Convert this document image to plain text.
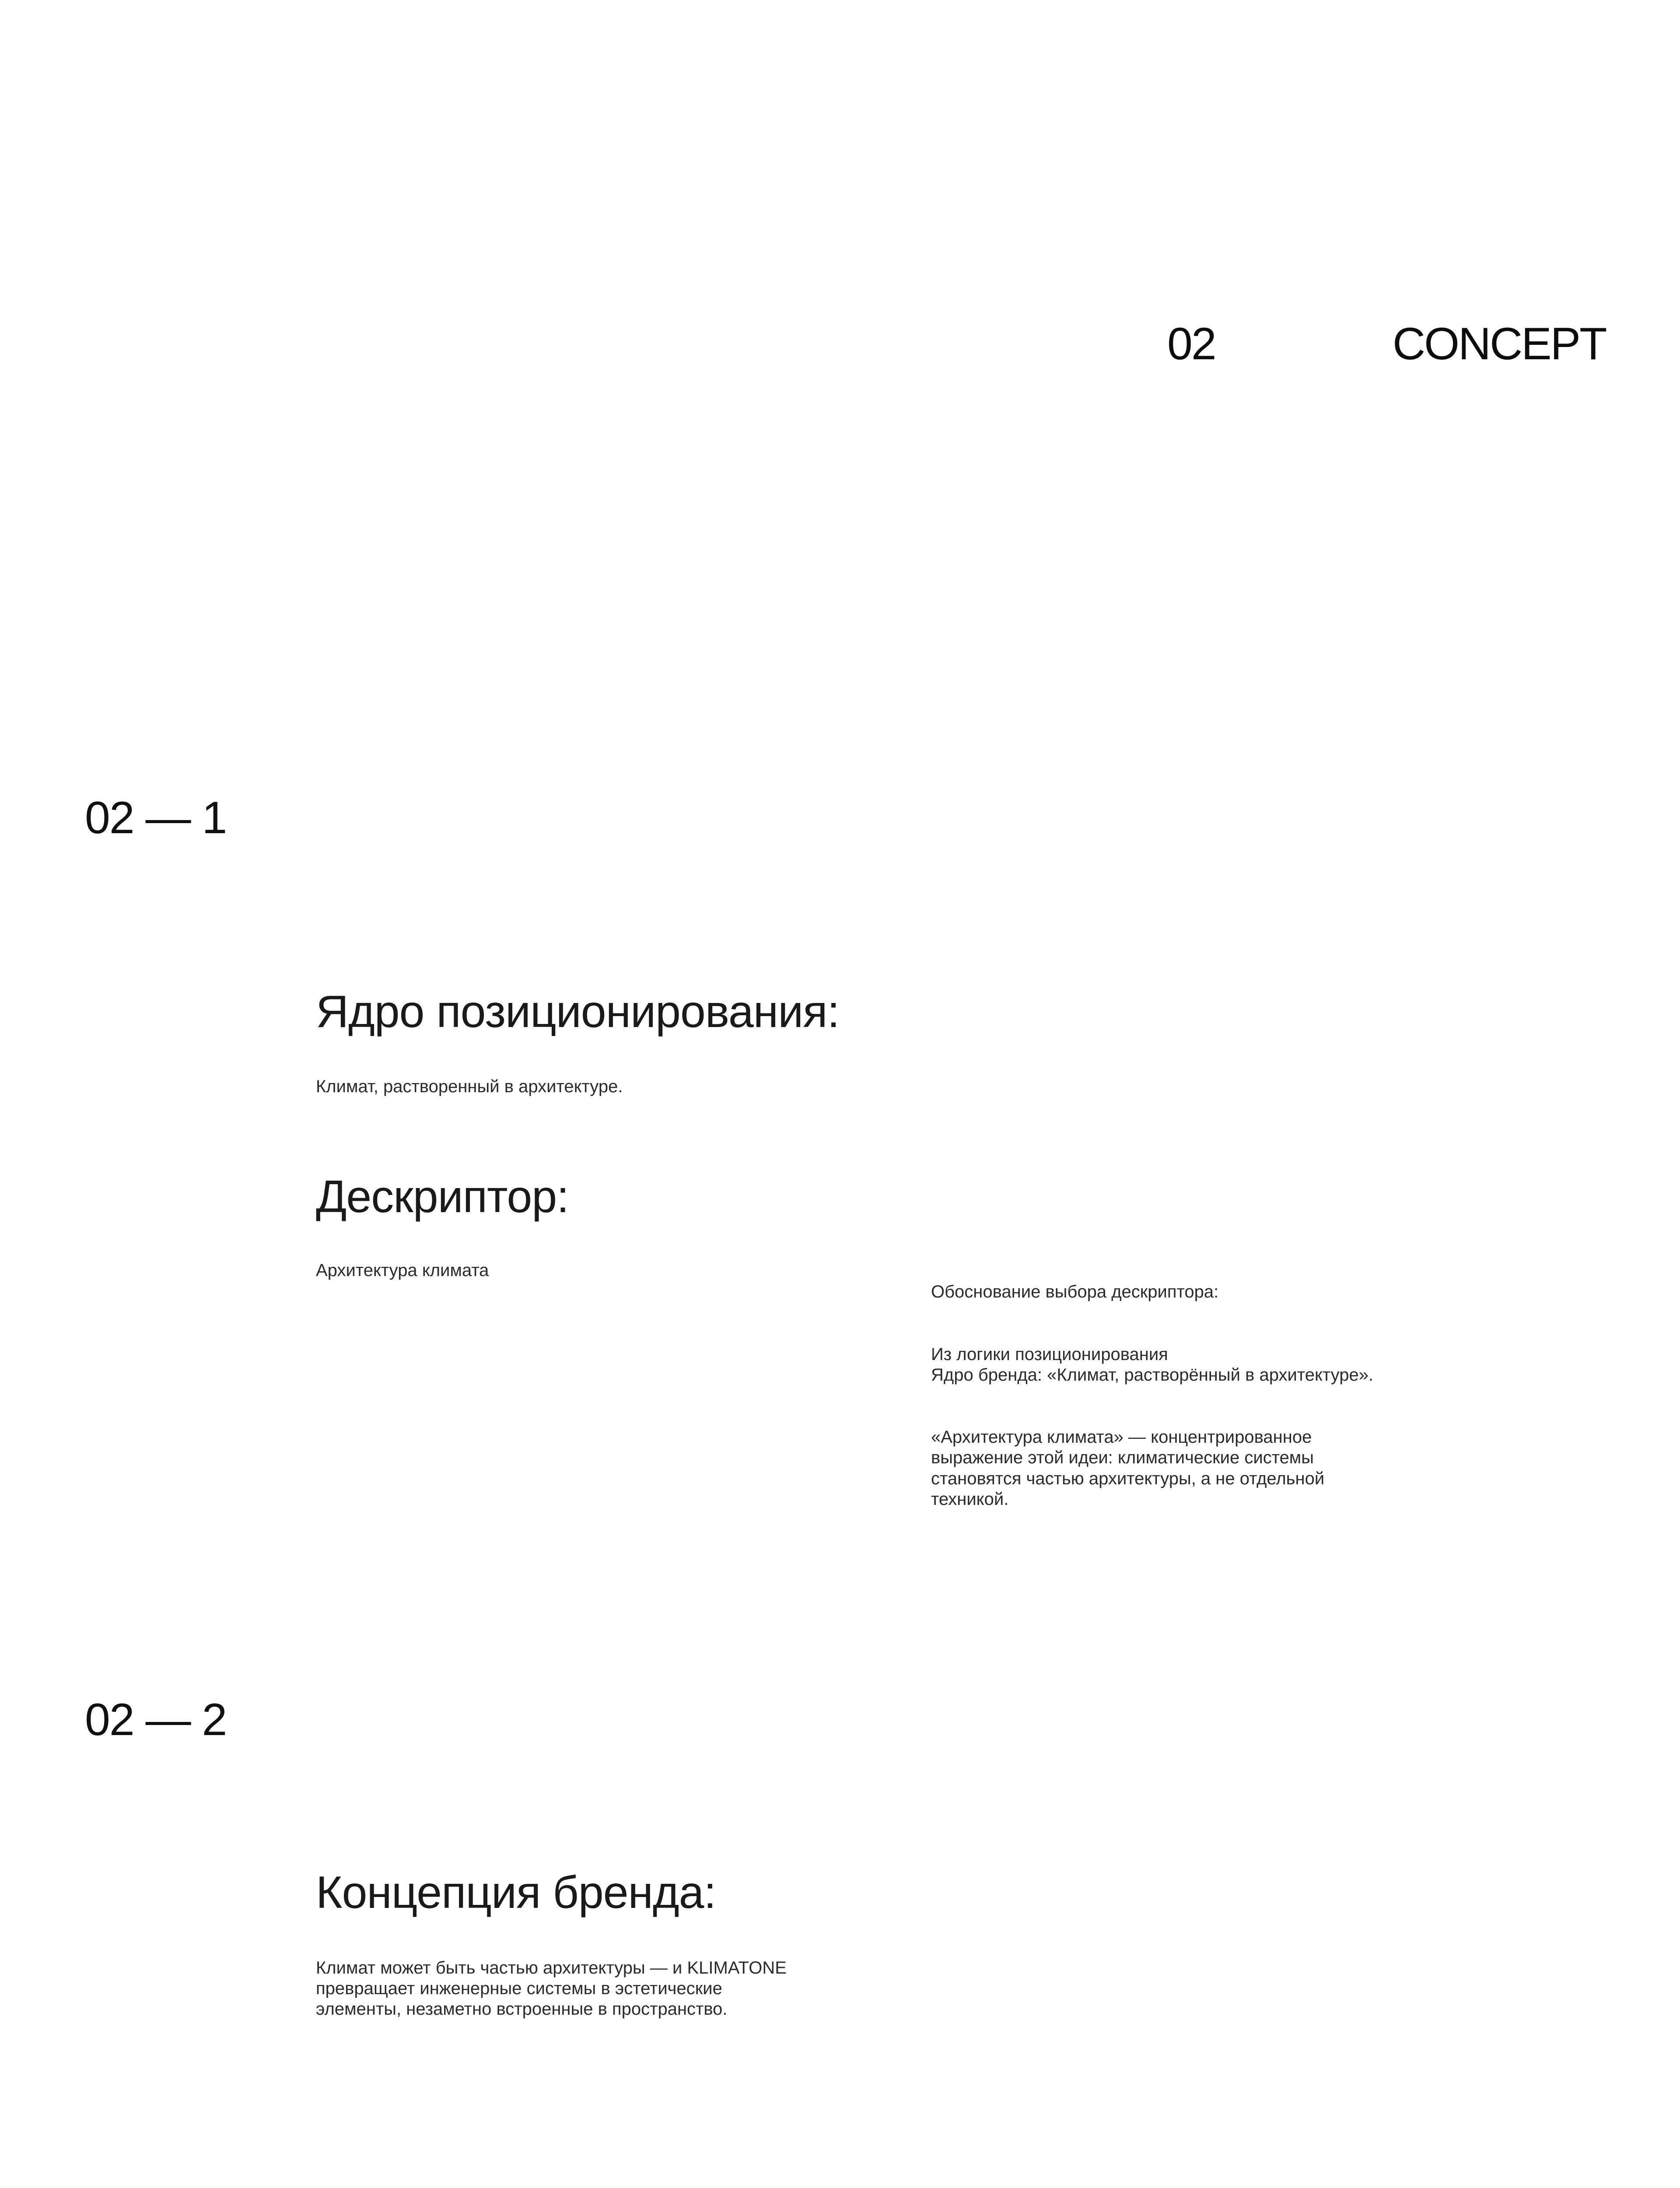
02	CONCEPT
02 — 1
Ядро позиционирования:
Климат, растворенный в архитектуре.
Дескриптор:
Архитектура климата

Обоснование выбора дескриптора:

Из логики позиционирования
Ядро бренда: «Климат, растворённый в архитектуре».

«Архитектура климата» — концентрированное
выражение этой идеи: климатические системы
становятся частью архитектуры, а не отдельной
техникой.

02 — 2
Концепция бренда:
Климат может быть частью архитектуры — и KLIMATONE
превращает инженерные системы в эстетические
элементы, незаметно встроенные в пространство.
